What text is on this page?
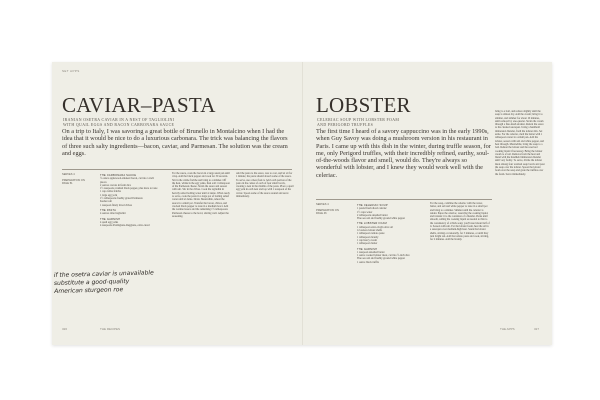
SET APPS
CAVIAR–PASTA
IRANIAN OSETRA CAVIAR IN A NEST OF TAGLIOLINI
WITH QUAIL EGGS AND BACON CARBONARA SAUCE

On a trip to Italy, I was savoring a great bottle of Brunello in Montalcino when I had the idea that it would be nice to do a luxurious carbonara. The trick was balancing the flavors of three such salty ingredients—bacon, caviar, and Parmesan. The solution was the cream and eggs.

SERVES 4
PREPARATION ON
PAGE 51
THE CARBONARA SAUCE
½ ounce applewood-smoked bacon, cut into 1-inch pieces
2 ounces carrots in fresh dice
1½ teaspoons crushed black pepper, plus more to taste
1 cup crème fraîche
1 large egg yolk
1½ tablespoons freshly grated Parmesan
Kosher salt
1 teaspoon finely diced chives
THE PASTA
4 ounces dried tagliolini
THE GARNISH
4 quail egg yolks
4 teaspoons Parmigiano-Reggiano, extra-cured

For the sauce, cook the bacon in a large sauté pan until crisp. Add the black pepper and cook for 30 seconds. Stir in the crème fraîche and bring to a simmer. Off the heat, whisk in the egg yolks, then add 1 tablespoon of the Parmesan cheese. Strain the sauce and season with salt. Stir in the chives. Cook the tagliolini in heavily salted boiling water until al dente. When ready to serve, cook the pasta in a large pot of boiling salted water until al dente. Drain. Meanwhile, reheat the sauce in a small pot. Transfer the bacon, chives, and cracked black pepper to taste in a medium bowl. Add the warmed sauce and the remaining 1½ tablespoons Parmesan cheese to the bowl, stirring well. Adjust the seasoning.

Add the pasta to the sauce, toss to coat, and let sit for 1 minute; the pasta should absorb some of the sauce. To serve, use a meat fork to twirl each portion of the pasta in the center of each of four small bowls, creating a nest in the middle of the pasta. Place a quail egg yolk in each nest and top with 1 teaspoon of the caviar. Spoon some of the sauce around and serve immediately.

if the osetra caviar is unavailable
substitute a good-quality
American sturgeon roe
326	THE RECIPES
LOBSTER
CELERIAC SOUP WITH LOBSTER FOAM
AND PERIGORD TRUFFLES

The first time I heard of a savory cappuccino was in the early 1990s, when Guy Savoy was doing a mushroom version in his restaurant in Paris. I came up with this dish in the winter, during truffle season, for me, only Perigord truffles, with their incredibly refined, earthy, soul-of-the-woods flavor and smell, would do. They're always so wonderful with lobster, and I knew they would work well with the celeriac.

bring to a boil, and reduce slightly until the soup is almost dry. Add the cream; bring it to simmer, and simmer for about 10 minutes, until reduced by one-quarter. Strain the cream through a fine-mesh strainer. Return the sauce to the cleaned saucepan. Using a handheld immersion blender, froth the lobster mix. Set aside. For the celeriac, melt the butter with 1 tablespoon water in a small pan. Add the lobster, season with salt and white pepper, and heat through. Meanwhile, bring the soup to a boil. Reheat the lobster and the reserved cooking liquid if necessary. Bring the lobster cream to a boil. Remove from the heat and blend with the handheld immersion blender until very frothy. To serve, divide the lobster meat among four warmed soup bowls and pour the soup over the lobster. Spoon the lobster foam over the soup and grate the truffles over the foam. Serve immediately.

SERVES 4
PREPARATION ON
PAGE 46
THE CELERIAC SOUP
1 pound fresh diced celeriac
1½ cups water
2 tablespoons unsalted butter
Fine sea salt and freshly ground white pepper
THE LOBSTER FOAM
1 tablespoon extra-virgin olive oil
12 ounces lobster shells
1 tablespoon tomato paste
1 tablespoon brandy
1 cup heavy cream
1 tablespoon butter
THE GARNISH
1 teaspoon unsalted butter
1 ounce cooked lobster meat, cut into ½-inch dice
Fine sea salt and freshly ground white pepper
1 ounce black truffle

For the soup, combine the celeriac with the water, butter, and salt and white pepper to taste in a small pot and bring to a simmer. Simmer until the celeriac is tender. Puree the celeriac, reserving the cooking liquid, and transfer it to the container of a blender. Purée until smooth, adding the cooking liquid as needed to thin to the consistency of a thick soup; you'll need about half of it. Season with salt. For the lobster foam, heat the oil in a saucepan over medium-high heat. Sauté the lobster shells, stirring occasionally, for 5 minutes, or until they turn bright red. Add the tomato paste and cook, stirring, for 2 minutes. Add the brandy.

THE APPS	327
